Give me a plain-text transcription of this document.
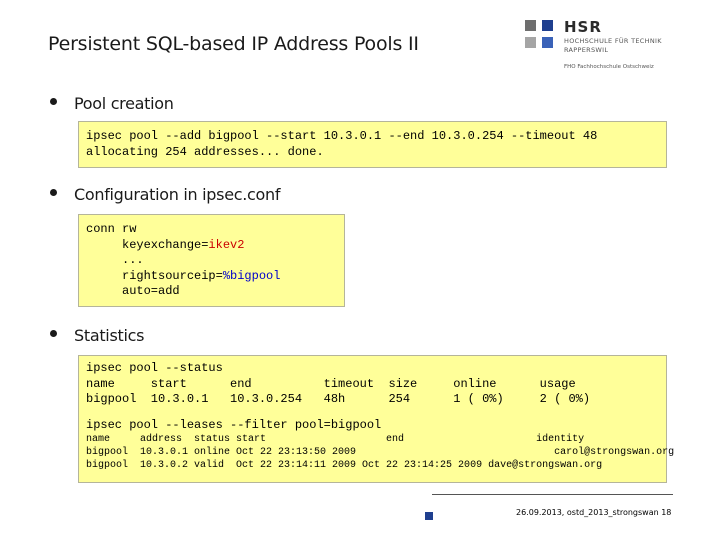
Persistent SQL-based IP Address Pools II
HSR
HOCHSCHULE FÜR TECHNIK
RAPPERSWIL
FHO Fachhochschule Ostschweiz
Pool creation
ipsec pool --add bigpool --start 10.3.0.1 --end 10.3.0.254 --timeout 48
allocating 254 addresses... done.
Configuration in ipsec.conf
conn rw
keyexchange=ikev2
...
rightsourceip=%bigpool
auto=add
Statistics
ipsec pool --status
name     start      end          timeout  size     online      usage
bigpool  10.3.0.1   10.3.0.254   48h      254      1 ( 0%)     2 ( 0%)
ipsec pool --leases --filter pool=bigpool
name     address  status start                    end                      identity
bigpool  10.3.0.1 online Oct 22 23:13:50 2009                                 carol@strongswan.org
bigpool  10.3.0.2 valid  Oct 22 23:14:11 2009 Oct 22 23:14:25 2009 dave@strongswan.org
26.09.2013, ostd_2013_strongswan 18
